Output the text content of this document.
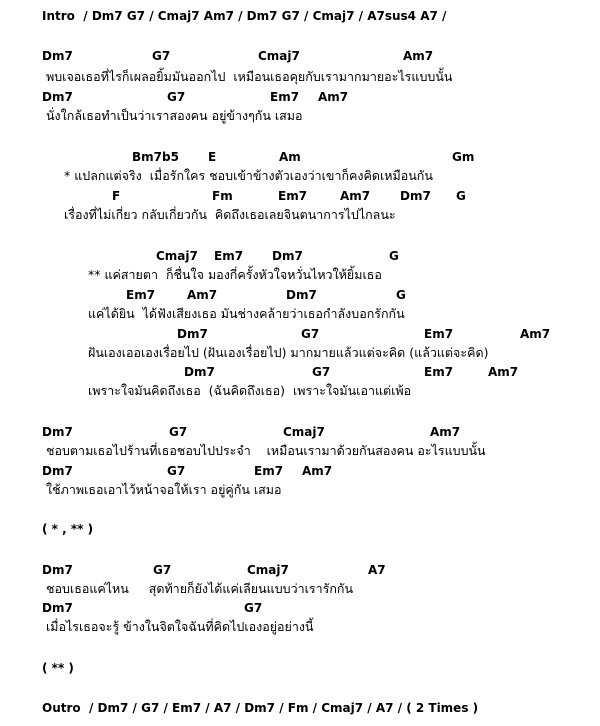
Intro  / Dm7 G7 / Cmaj7 Am7 / Dm7 G7 / Cmaj7 / A7sus4 A7 /
Dm7	G7	Cmaj7	Am7
พบเจอเธอที่ไรก็เผลอยิ้มมันออกไป  เหมือนเธอคุยกับเรามากมายอะไรแบบนั้น
Dm7	G7	Em7 Am7
นั่งใกล้เธอทำเป็นว่าเราสองคน อยู่ข้างๆกัน เสมอ
Bm7b5 E	Am	Gm
* แปลกแต่จริง  เมื่อรักใคร ชอบเข้าข้างตัวเองว่าเขาก็คงคิดเหมือนกัน
F	Fm	Em7	Am7 Dm7 G
เรื่องที่ไม่เกี่ยว กลับเกี่ยวกัน  คิดถึงเธอเลยจินตนาการไปไกลนะ
Cmaj7 Em7 Dm7	G
** แค่สายตา  ก็ชื่นใจ มองกี่ครั้งหัวใจหวั่นไหวให้ยิ้มเธอ
Em7	Am7	Dm7	G
แค่ได้ยิน  ได้ฟังเสียงเธอ มันช่างคล้ายว่าเธอกำลังบอกรักกัน
Dm7	G7	Em7	Am7
ฝันเองเออเองเรื่อยไป (ฝันเองเรื่อยไป) มากมายแล้วแต่จะคิด (แล้วแต่จะคิด)
Dm7	G7	Em7	Am7
เพราะใจมันคิดถึงเธอ  (ฉันคิดถึงเธอ)  เพราะใจมันเอาแต่เพ้อ
Dm7	G7	Cmaj7	Am7
ชอบตามเธอไปร้านที่เธอชอบไปประจำ    เหมือนเรามาด้วยกันสองคน อะไรแบบนั้น
Dm7	G7	Em7 Am7
ใช้ภาพเธอเอาไว้หน้าจอให้เรา อยู่คู่กัน เสมอ
( * , ** )
Dm7	G7	Cmaj7	A7
ชอบเธอแค่ไหน     สุดท้ายก็ยังได้แค่เลียนแบบว่าเรารักกัน
Dm7	G7
เมื่อไรเธอจะรู้ ข้างในจิตใจฉันที่คิดไปเองอยู่อย่างนี้
( ** )
Outro  / Dm7 / G7 / Em7 / A7 / Dm7 / Fm / Cmaj7 / A7 / ( 2 Times )
